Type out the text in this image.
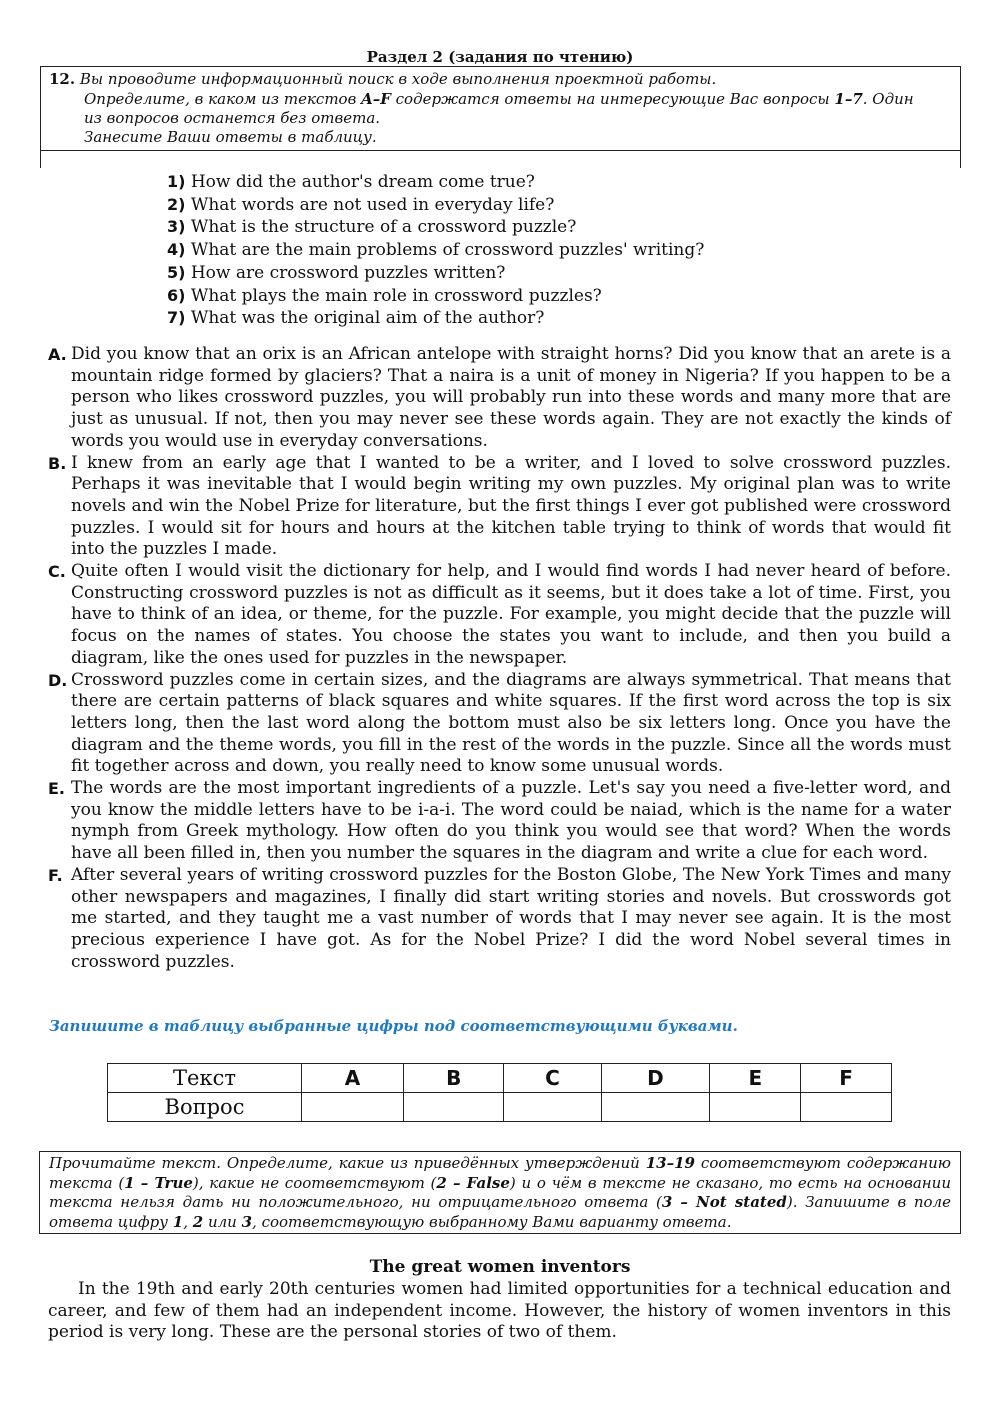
Раздел 2 (задания по чтению)
12. Вы проводите информационный поиск в ходе выполнения проектной работы.
Определите, в каком из текстов A–F содержатся ответы на интересующие Вас вопросы 1–7. Один
из вопросов останется без ответа.
Занесите Ваши ответы в таблицу.
1) How did the author's dream come true?
2) What words are not used in everyday life?
3) What is the structure of a crossword puzzle?
4) What are the main problems of crossword puzzles' writing?
5) How are crossword puzzles written?
6) What plays the main role in crossword puzzles?
7) What was the original aim of the author?
A. Did you know that an orix is an African antelope with straight horns? Did you know that an arete is a mountain ridge formed by glaciers? That a naira is a unit of money in Nigeria? If you happen to be a person who likes crossword puzzles, you will probably run into these words and many more that are just as unusual. If not, then you may never see these words again. They are not exactly the kinds of words you would use in everyday conversations.
B. I knew from an early age that I wanted to be a writer, and I loved to solve crossword puzzles. Perhaps it was inevitable that I would begin writing my own puzzles. My original plan was to write novels and win the Nobel Prize for literature, but the first things I ever got published were crossword puzzles. I would sit for hours and hours at the kitchen table trying to think of words that would fit into the puzzles I made.
C. Quite often I would visit the dictionary for help, and I would find words I had never heard of before. Constructing crossword puzzles is not as difficult as it seems, but it does take a lot of time. First, you have to think of an idea, or theme, for the puzzle. For example, you might decide that the puzzle will focus on the names of states. You choose the states you want to include, and then you build a diagram, like the ones used for puzzles in the newspaper.
D. Crossword puzzles come in certain sizes, and the diagrams are always symmetrical. That means that there are certain patterns of black squares and white squares. If the first word across the top is six letters long, then the last word along the bottom must also be six letters long. Once you have the diagram and the theme words, you fill in the rest of the words in the puzzle. Since all the words must fit together across and down, you really need to know some unusual words.
E. The words are the most important ingredients of a puzzle. Let's say you need a five-letter word, and you know the middle letters have to be i-a-i. The word could be naiad, which is the name for a water nymph from Greek mythology. How often do you think you would see that word? When the words have all been filled in, then you number the squares in the diagram and write a clue for each word.
F. After several years of writing crossword puzzles for the Boston Globe, The New York Times and many other newspapers and magazines, I finally did start writing stories and novels. But crosswords got me started, and they taught me a vast number of words that I may never see again. It is the most precious experience I have got. As for the Nobel Prize? I did the word Nobel several times in crossword puzzles.
Запишите в таблицу выбранные цифры под соответствующими буквами.
Текст	A	B	C	D	E	F
Вопрос						
Прочитайте текст. Определите, какие из приведённых утверждений 13–19 соответствуют содержанию текста (1 – True), какие не соответствуют (2 – False) и о чём в тексте не сказано, то есть на основании текста нельзя дать ни положительного, ни отрицательного ответа (3 – Not stated). Запишите в поле ответа цифру 1, 2 или 3, соответствующую выбранному Вами варианту ответа.
The great women inventors
In the 19th and early 20th centuries women had limited opportunities for a technical education and career, and few of them had an independent income. However, the history of women inventors in this period is very long. These are the personal stories of two of them.
